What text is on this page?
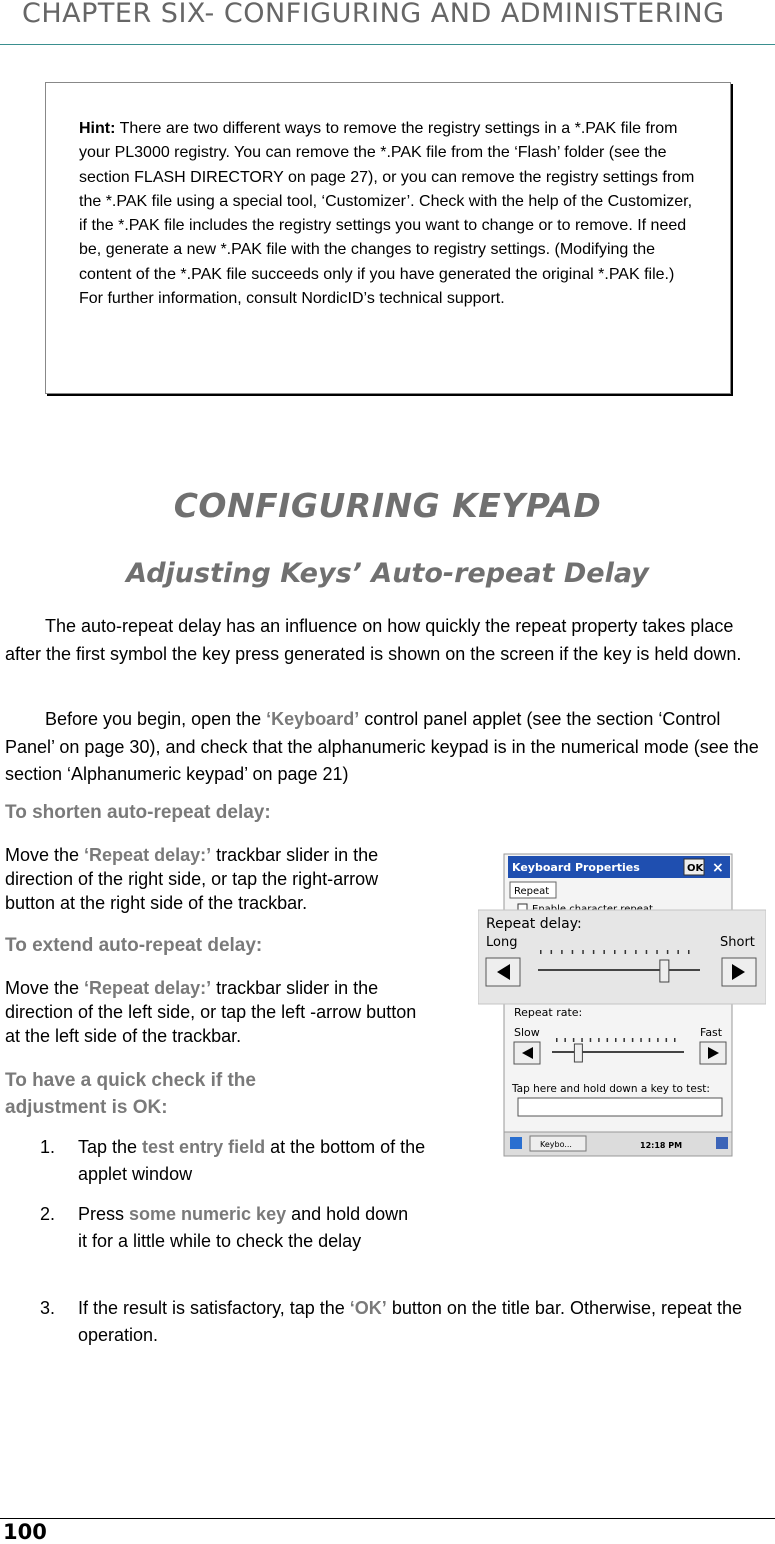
CHAPTER SIX- CONFIGURING AND ADMINISTERING
Hint: There are two different ways to remove the registry settings in a *.PAK file from your PL3000 registry. You can remove the *.PAK file from the ‘Flash’ folder (see the section FLASH DIRECTORY on page 27), or you can remove the registry settings from the *.PAK file using a special tool, ‘Customizer’. Check with the help of the Customizer, if the *.PAK file includes the registry settings you want to change or to remove. If need be, generate a new *.PAK file with the changes to registry settings. (Modifying the content of the *.PAK file succeeds only if you have generated the original *.PAK file.) For further information, consult NordicID’s technical support.
CONFIGURING KEYPAD
Adjusting Keys’ Auto-repeat Delay
The auto-repeat delay has an influence on how quickly the repeat property takes place after the first symbol the key press generated is shown on the screen if the key is held down.
Before you begin, open the ‘Keyboard’ control panel applet (see the section ‘Control Panel’ on page 30), and check that the alphanumeric keypad is in the numerical mode (see the section ‘Alphanumeric keypad’ on page 21)
To shorten auto-repeat delay:
Move the ‘Repeat delay:’ trackbar slider in the direction of the right side, or tap the right-arrow button at the right side of the trackbar.
To extend auto-repeat delay:
Move the ‘Repeat delay:’ trackbar slider in the direction of the left side, or tap the left -arrow button at the left side of the trackbar.
To have a quick check if the adjustment is OK:
1. Tap the test entry field at the bottom of the applet window
2. Press some numeric key and hold down it for a little while to check the delay
3. If the result is satisfactory, tap the ‘OK’ button on the title bar. Otherwise, repeat the operation.
Keyboard Properties	OK ×
Repeat
Repeat delay:
Long	Short
Repeat rate:
Slow	Fast
Tap here and hold down a key to test:
Keybo...	12:18 PM
100
